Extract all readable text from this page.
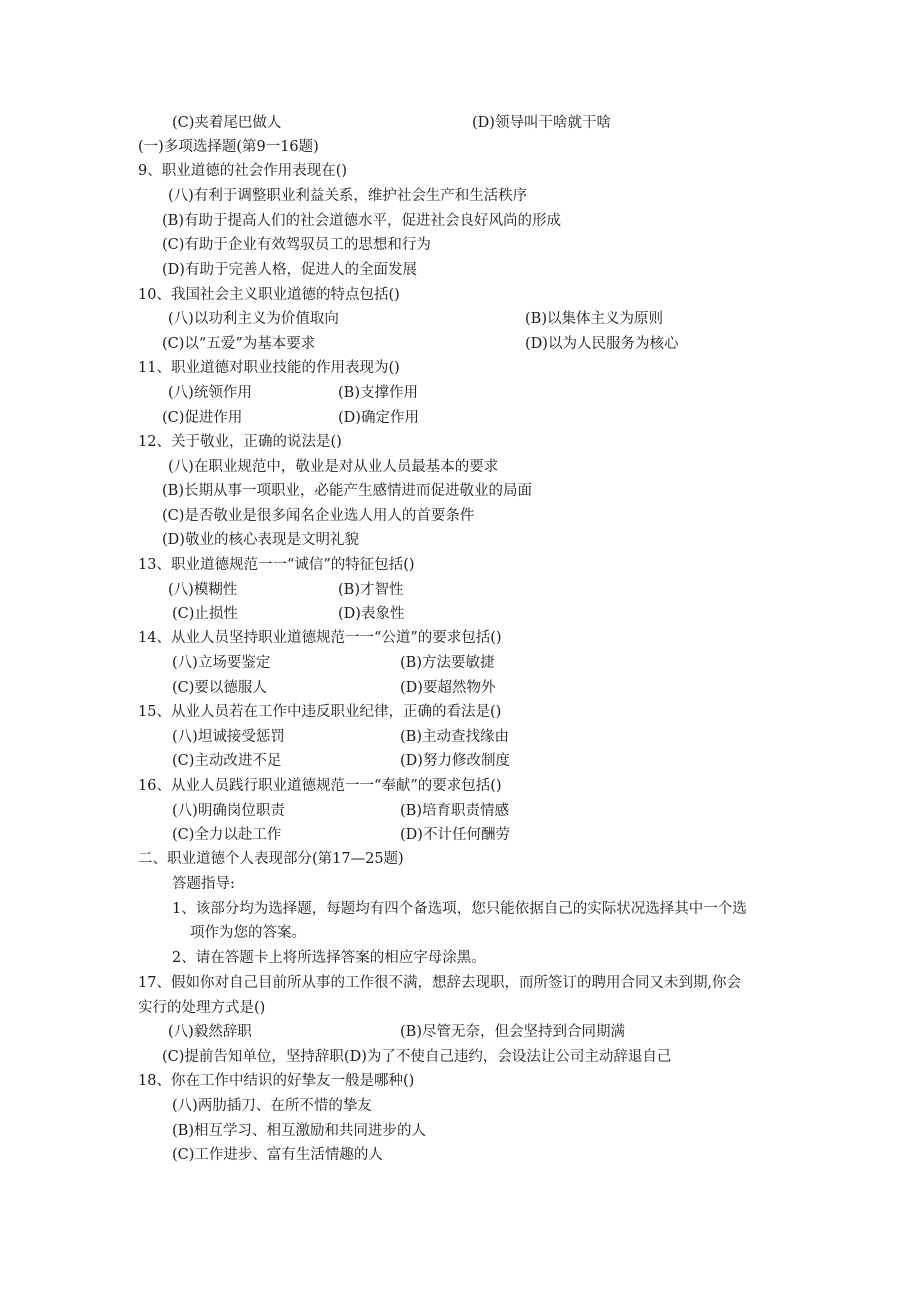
(C)夹着尾巴做人	(D)领导叫干啥就干啥
(一)多项选择题(第9一16题)
9、职业道德的社会作用表现在()
(八)有利于调整职业利益关系，维护社会生产和生活秩序
(B)有助于提高人们的社会道德水平，促进社会良好风尚的形成
(C)有助于企业有效驾驭员工的思想和行为
(D)有助于完善人格，促进人的全面发展
10、我国社会主义职业道德的特点包括()
(八)以功利主义为价值取向	(B)以集体主义为原则
(C)以“五爱”为基本要求	(D)以为人民服务为核心
11、职业道德对职业技能的作用表现为()
(八)统领作用	(B)支撑作用
(C)促进作用	(D)确定作用
12、关于敬业，正确的说法是()
(八)在职业规范中，敬业是对从业人员最基本的要求
(B)长期从事一项职业，必能产生感情进而促进敬业的局面
(C)是否敬业是很多闻名企业选人用人的首要条件
(D)敬业的核心表现是文明礼貌
13、职业道德规范一一“诚信”的特征包括()
(八)模糊性	(B)才智性
(C)止损性	(D)表象性
14、从业人员坚持职业道德规范一一“公道”的要求包括()
(八)立场要鉴定	(B)方法要敏捷
(C)要以德服人	(D)要超然物外
15、从业人员若在工作中违反职业纪律，正确的看法是()
(八)坦诚接受惩罚	(B)主动查找缘由
(C)主动改进不足	(D)努力修改制度
16、从业人员践行职业道德规范一一“奉献”的要求包括()
(八)明确岗位职责	(B)培育职责情感
(C)全力以赴工作	(D)不计任何酬劳
二、职业道德个人表现部分(第17—25题)
答题指导:
1、该部分均为选择题，每题均有四个备选项，您只能依据自己的实际状况选择其中一个选
项作为您的答案。
2、请在答题卡上将所选择答案的相应字母涂黑。
17、假如你对自己目前所从事的工作很不满，想辞去现职，而所签订的聘用合同又未到期,你会
实行的处理方式是()
(八)毅然辞职	(B)尽管无奈，但会坚持到合同期满
(C)提前告知单位，坚持辞职(D)为了不使自己违约，会设法让公司主动辞退自己
18、你在工作中结识的好挚友一般是哪种()
(八)两肋插刀、在所不惜的挚友
(B)相互学习、相互激励和共同进步的人
(C)工作进步、富有生活情趣的人
